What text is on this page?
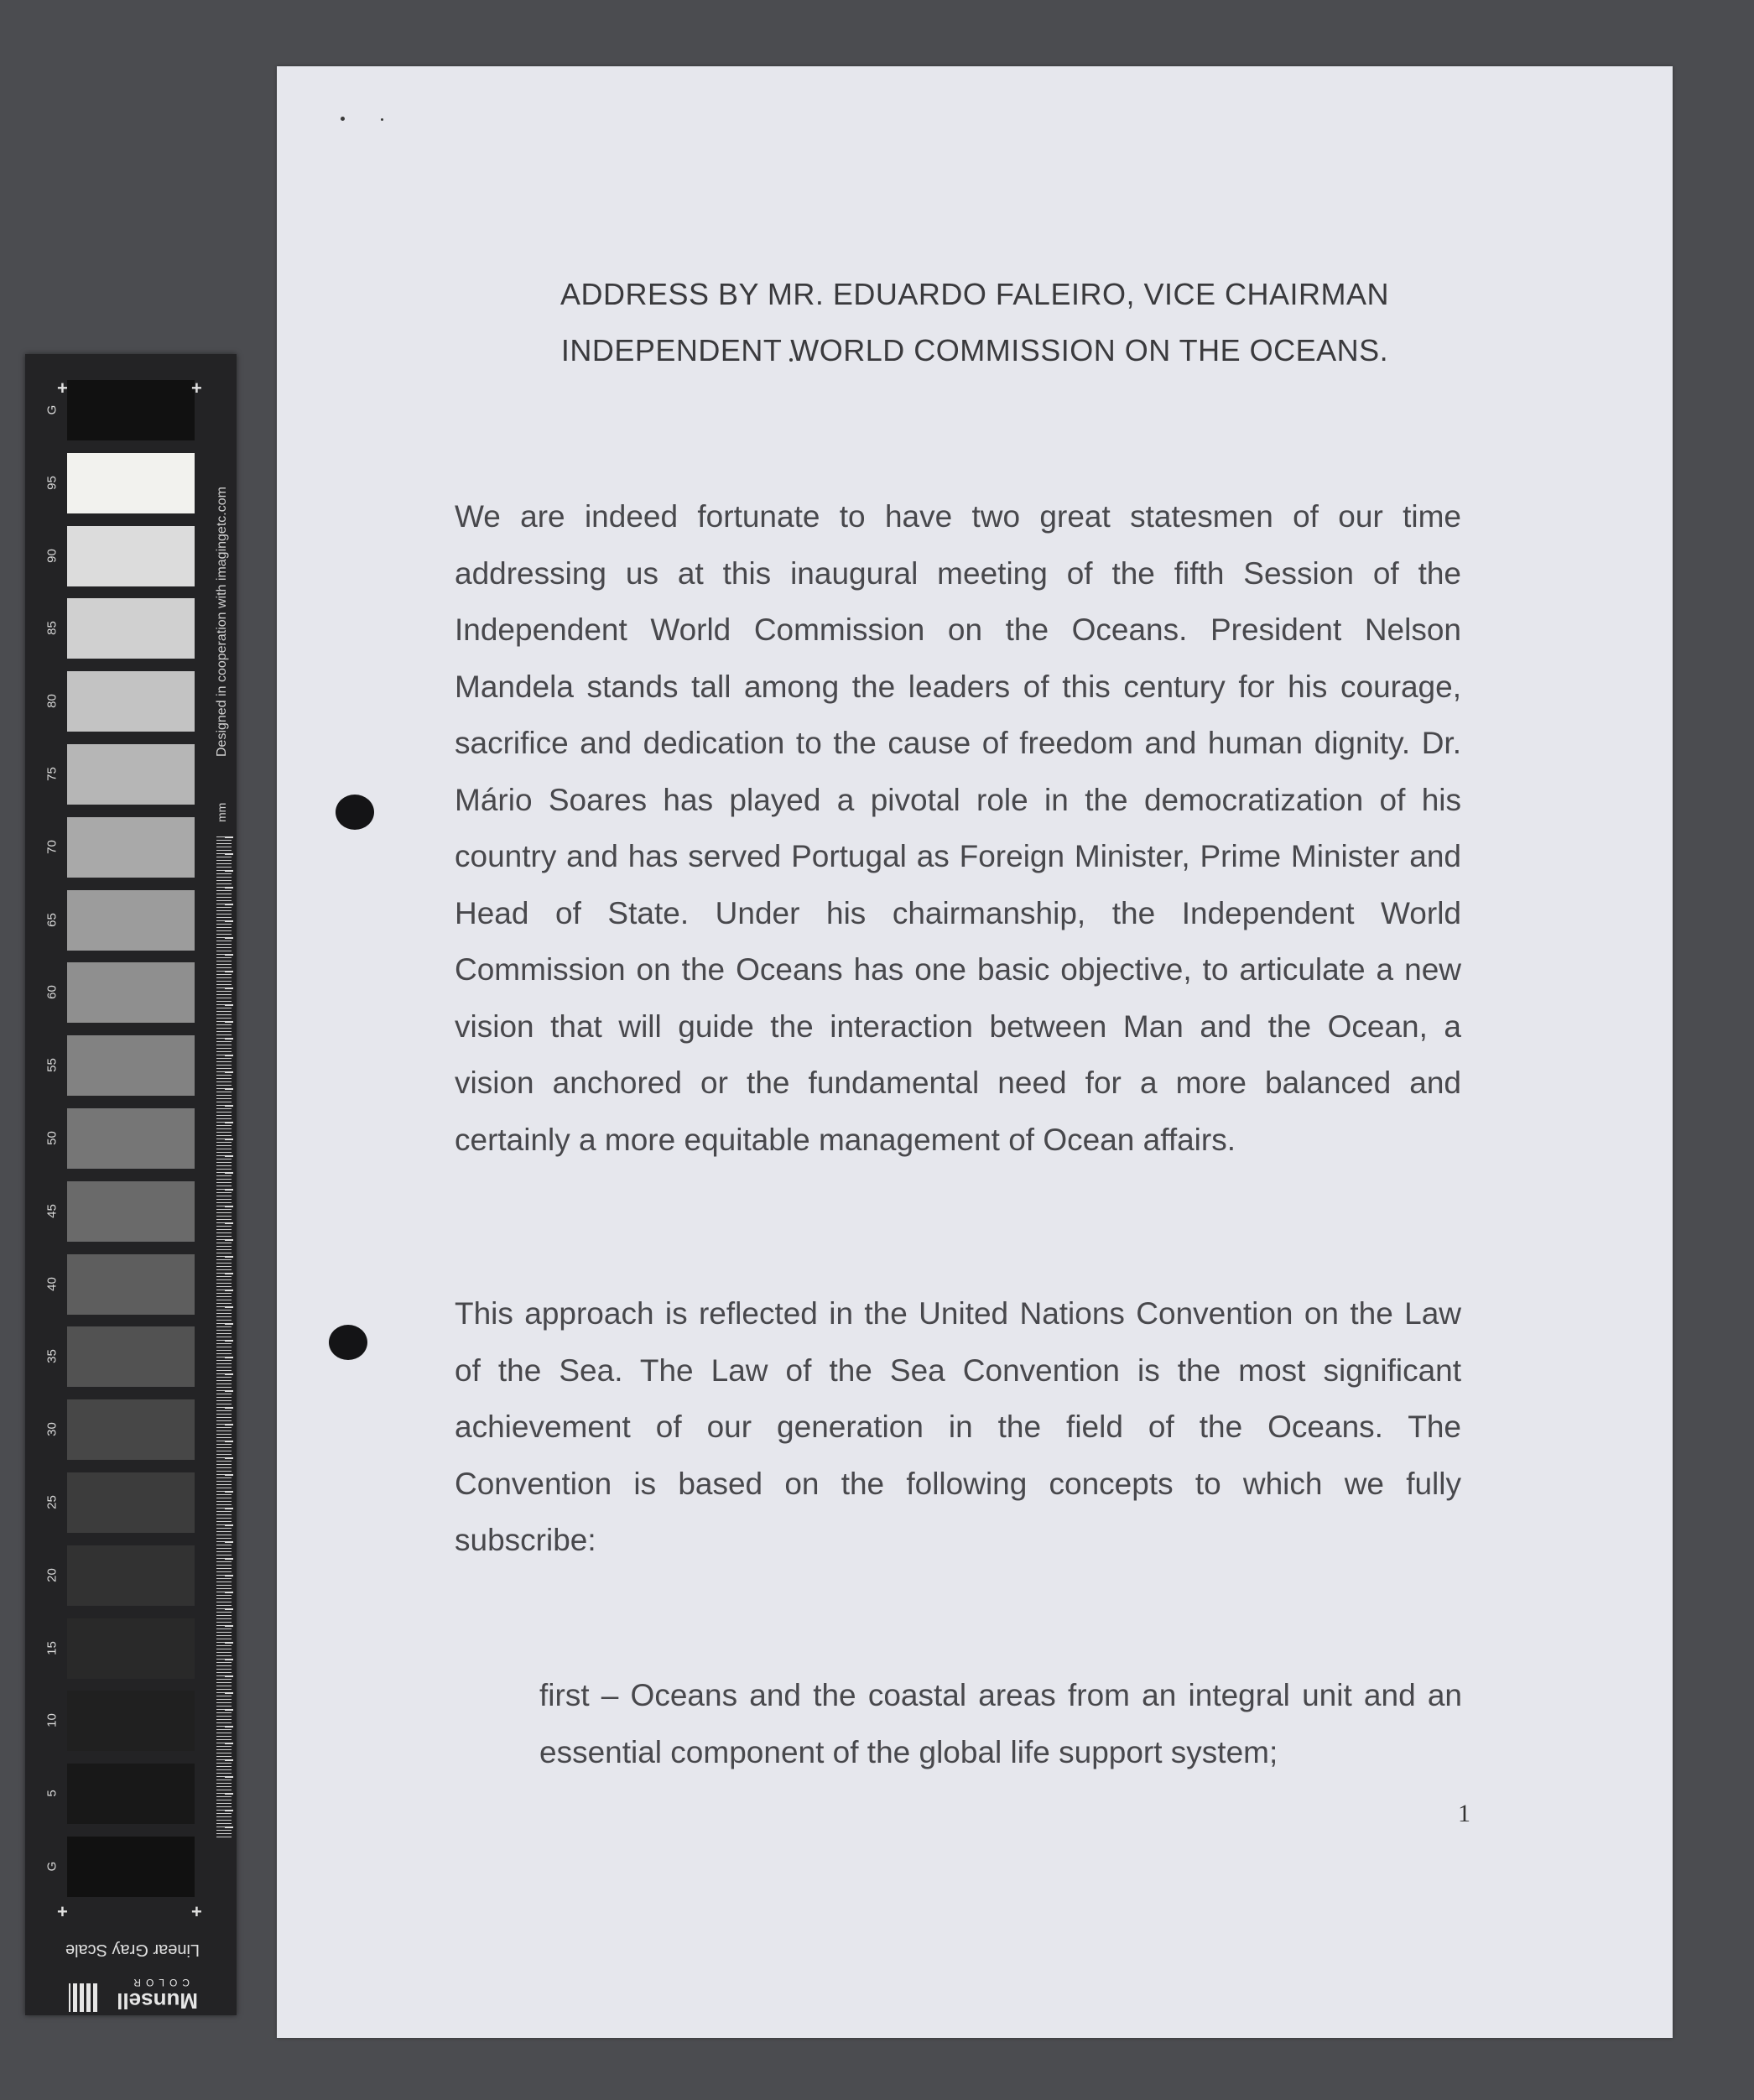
G
95
90
85
80
75
70
65
60
55
50
45
40
35
30
25
20
15
10
5
G
+	+
+	+
Designed in cooperation with imagingetc.com
mm
Linear Gray Scale
Munsell
COLOR
ADDRESS BY MR. EDUARDO FALEIRO, VICE CHAIRMAN
INDEPENDENT WORLD COMMISSION ON THE OCEANS.

We are indeed fortunate to have two great statesmen of our time addressing us at this inaugural meeting of the fifth Session of the Independent World Commission on the Oceans. President Nelson Mandela stands tall among the leaders of this century for his courage, sacrifice and dedication to the cause of freedom and human dignity. Dr. Mário Soares has played a pivotal role in the democratization of his country and has served Portugal as Foreign Minister, Prime Minister and Head of State. Under his chairmanship, the Independent World Commission on the Oceans has one basic objective, to articulate a new vision that will guide the interaction between Man and the Ocean, a vision anchored or the fundamental need for a more balanced and certainly a more equitable management of Ocean affairs.

This approach is reflected in the United Nations Convention on the Law of the Sea. The Law of the Sea Convention is the most significant achievement of our generation in the field of the Oceans. The Convention is based on the following concepts to which we fully subscribe:

first – Oceans and the coastal areas from an integral unit and an essential component of the global life support system;

1
